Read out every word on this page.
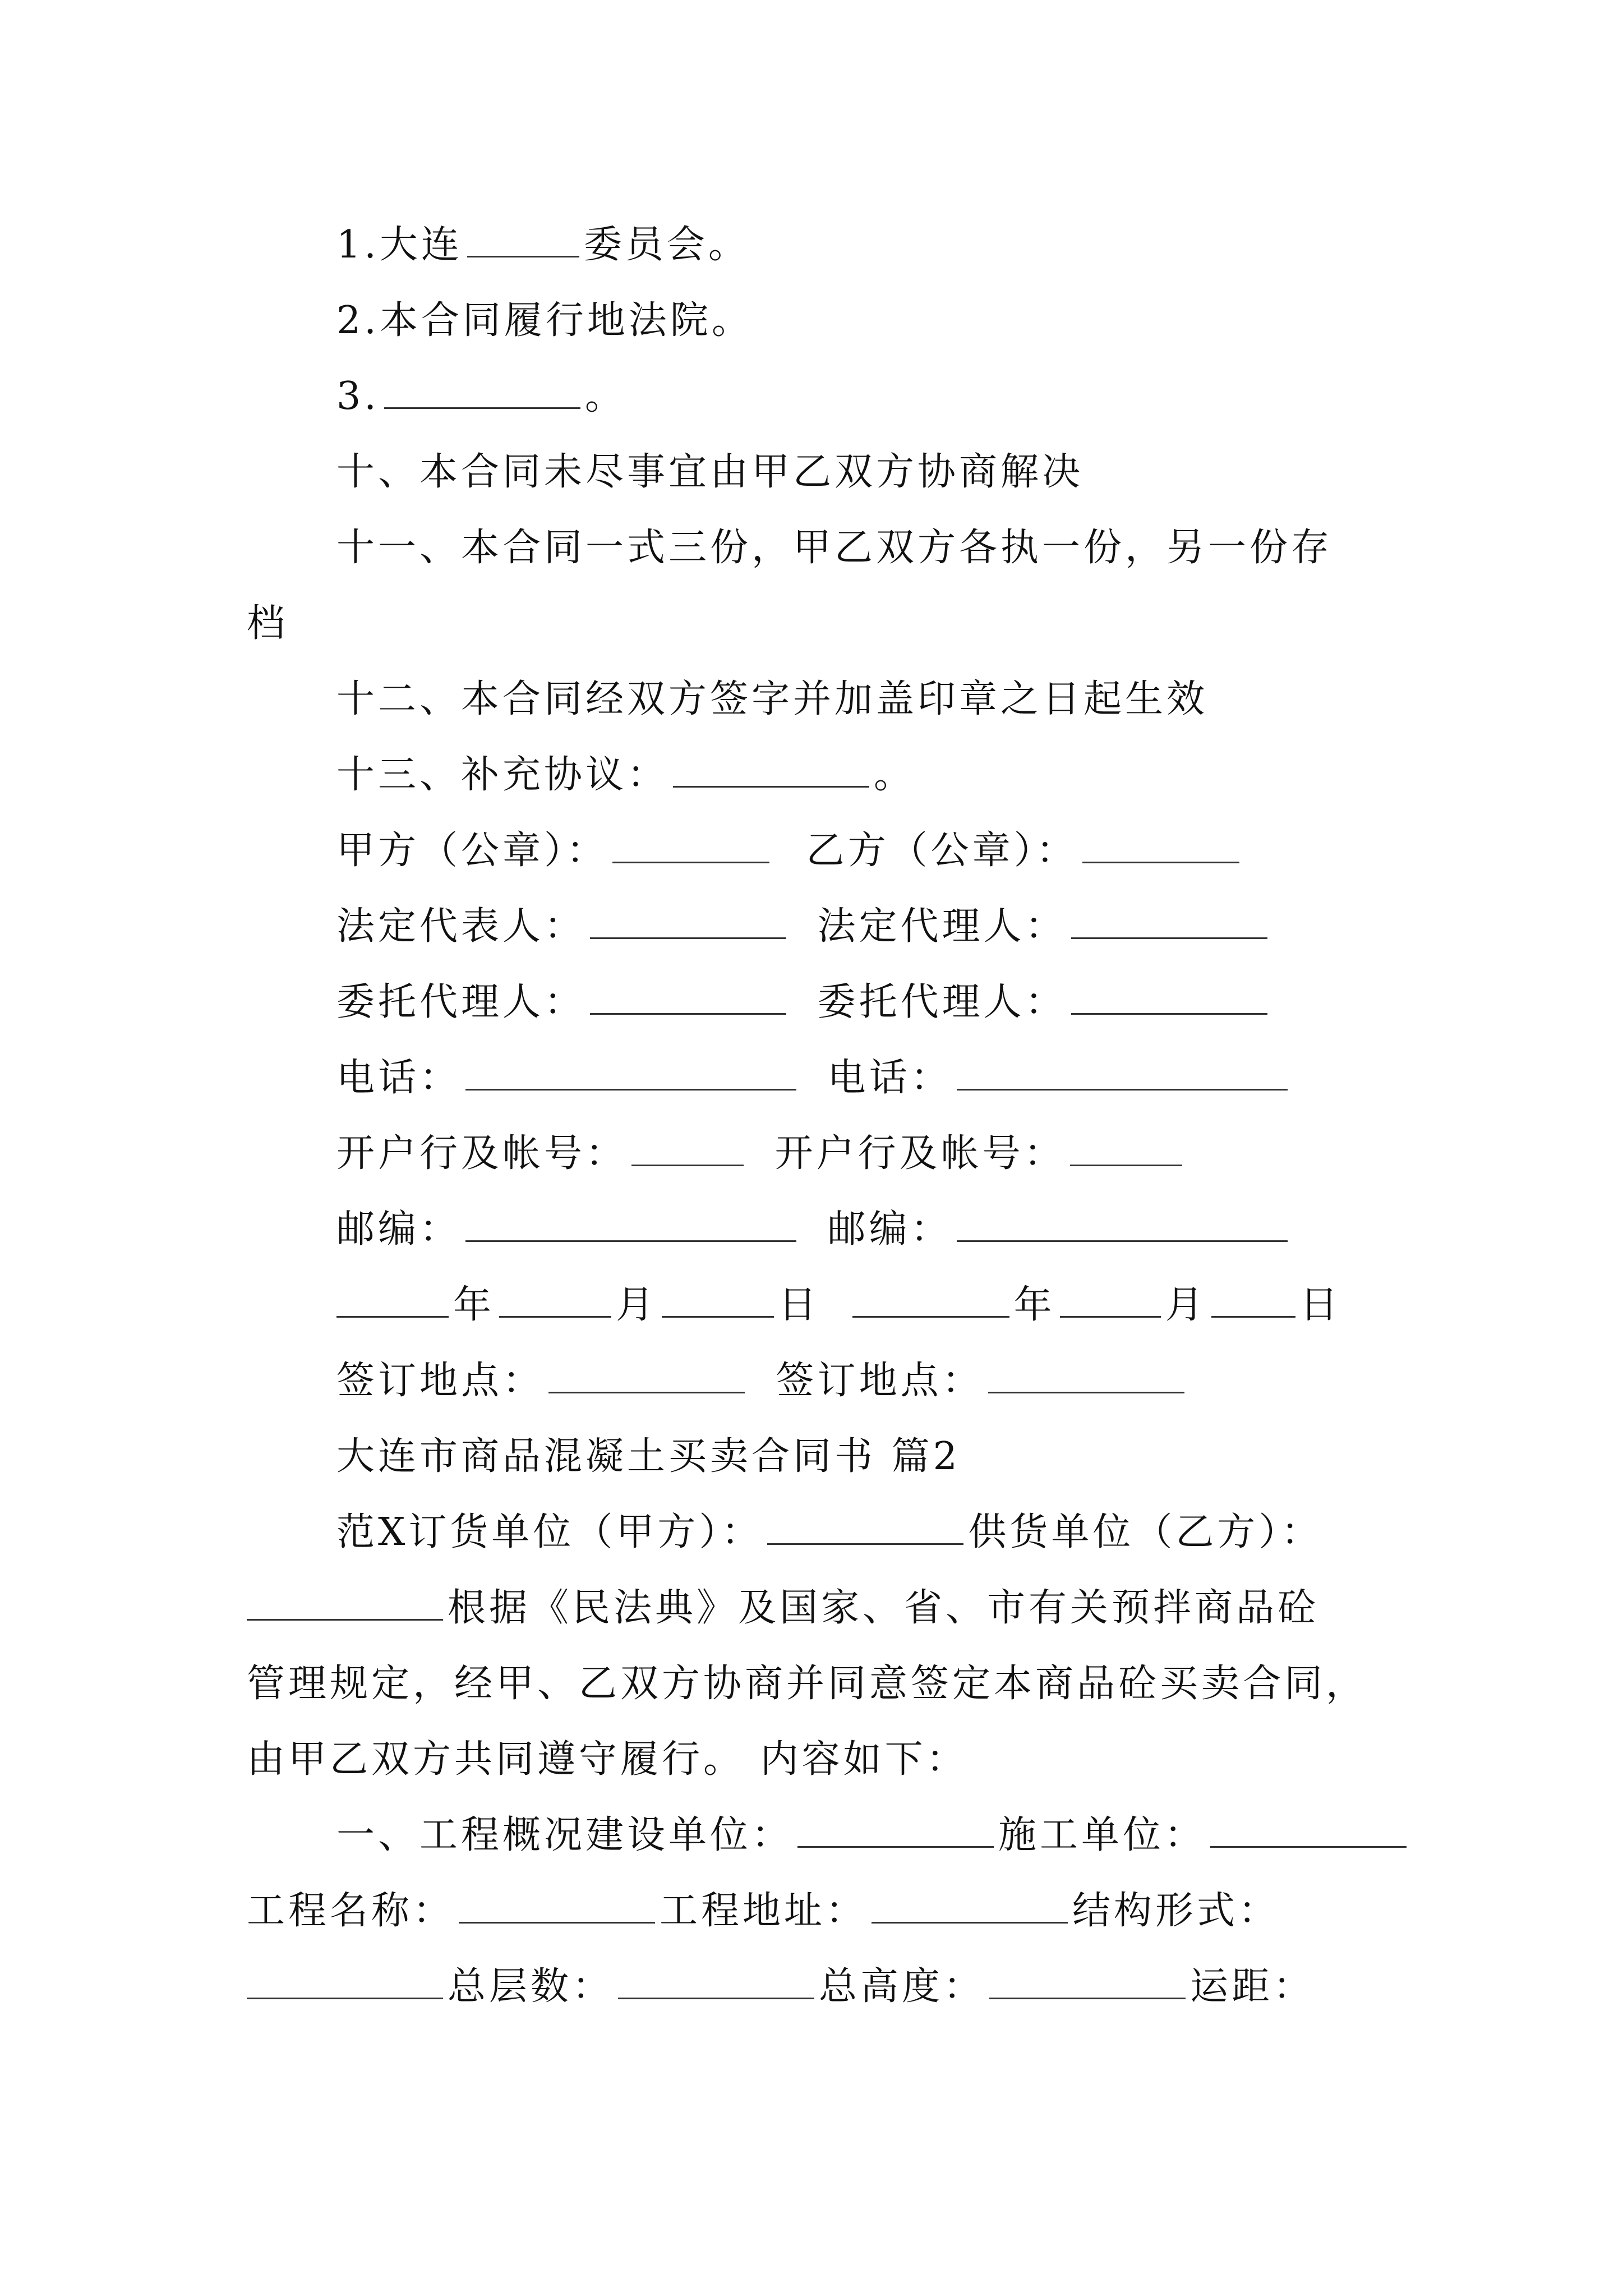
1.大连	委员会。
2.本合同履行地法院。
3.	。
十、本合同未尽事宜由甲乙双方协商解决
十一、本合同一式三份，甲乙双方各执一份，另一份存
档
十二、本合同经双方签字并加盖印章之日起生效
十三、补充协议：	。
甲方（公章）：	乙方（公章）：
法定代表人：	法定代理人：
委托代理人：	委托代理人：
电话：	电话：
开户行及帐号：	开户行及帐号：
邮编：	邮编：
年	月	日	年	月 日
签订地点：	签订地点：
大连市商品混凝土买卖合同书 篇2
范X订货单位（甲方）：	供货单位（乙方）：
根据《民法典》及国家、省、市有关预拌商品砼
管理规定，经甲、乙双方协商并同意签定本商品砼买卖合同，
由甲乙双方共同遵守履行。 内容如下：
一、工程概况建设单位：	施工单位：
工程名称：	工程地址：	结构形式：
总层数：	总高度：	运距：
